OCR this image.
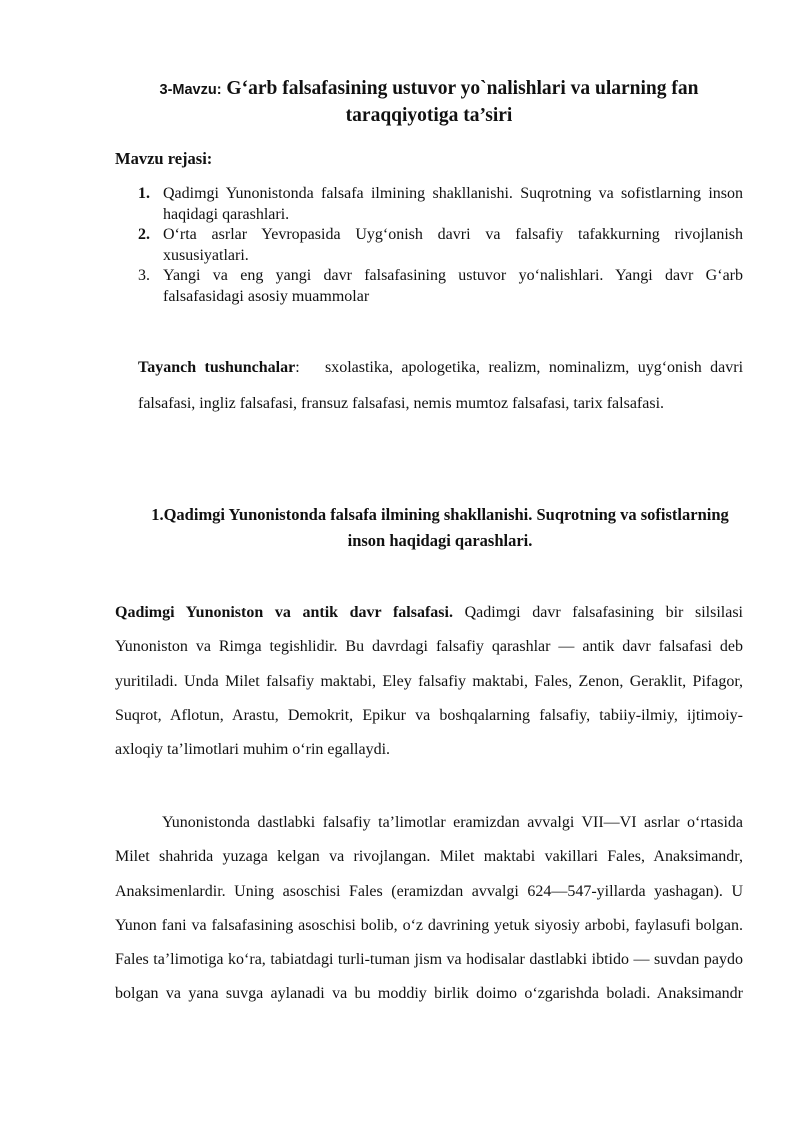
3-Mavzu: G‘arb falsafasining ustuvor yo`nalishlari va ularning fan taraqqiyotiga ta’siri
Mavzu rejasi:
1. Qadimgi Yunonistonda falsafa ilmining shakllanishi. Suqrotning va sofistlarning inson haqidagi qarashlari.
2. O‘rta asrlar Yevropasida Uyg‘onish davri va falsafiy tafakkurning rivojlanish xususiyatlari.
3. Yangi va eng yangi davr falsafasining ustuvor yo‘nalishlari. Yangi davr G‘arb falsafasidagi asosiy muammolar
Tayanch tushunchalar:   sxolastika, apologetika, realizm, nominalizm, uyg‘onish davri falsafasi, ingliz falsafasi, fransuz falsafasi, nemis mumtoz falsafasi, tarix falsafasi.
1.Qadimgi Yunonistonda falsafa ilmining shakllanishi. Suqrotning va sofistlarning inson haqidagi qarashlari.

Qadimgi Yunoniston va antik davr falsafasi. Qadimgi davr falsafasining bir silsilasi Yunoniston va Rimga tegishlidir. Bu davrdagi falsafiy qarashlar — antik davr falsafasi deb yuritiladi. Unda Milet falsafiy maktabi, Eley falsafiy maktabi, Fales, Zenon, Geraklit, Pifagor, Suqrot, Aflotun, Arastu, Demokrit, Epikur va boshqalarning falsafiy, tabiiy-ilmiy, ijtimoiy-axloqiy ta’limotlari muhim o‘rin egallaydi.

Yunonistonda dastlabki falsafiy ta’limotlar eramizdan avvalgi VII—VI asrlar o‘rtasida Milet shahrida yuzaga kelgan va rivojlangan. Milet maktabi vakillari Fales, Anaksimandr, Anaksimenlardir. Uning asoschisi Fales (eramizdan avvalgi 624—547-yillarda yashagan). U Yunon fani va falsafasining asoschisi bolib, o‘z davrining yetuk siyosiy arbobi, faylasufi bolgan. Fales ta’limotiga ko‘ra, tabiatdagi turli-tuman jism va hodisalar dastlabki ibtido — suvdan paydo bolgan va yana suvga aylanadi va bu moddiy birlik doimo o‘zgarishda boladi. Anaksimandr
